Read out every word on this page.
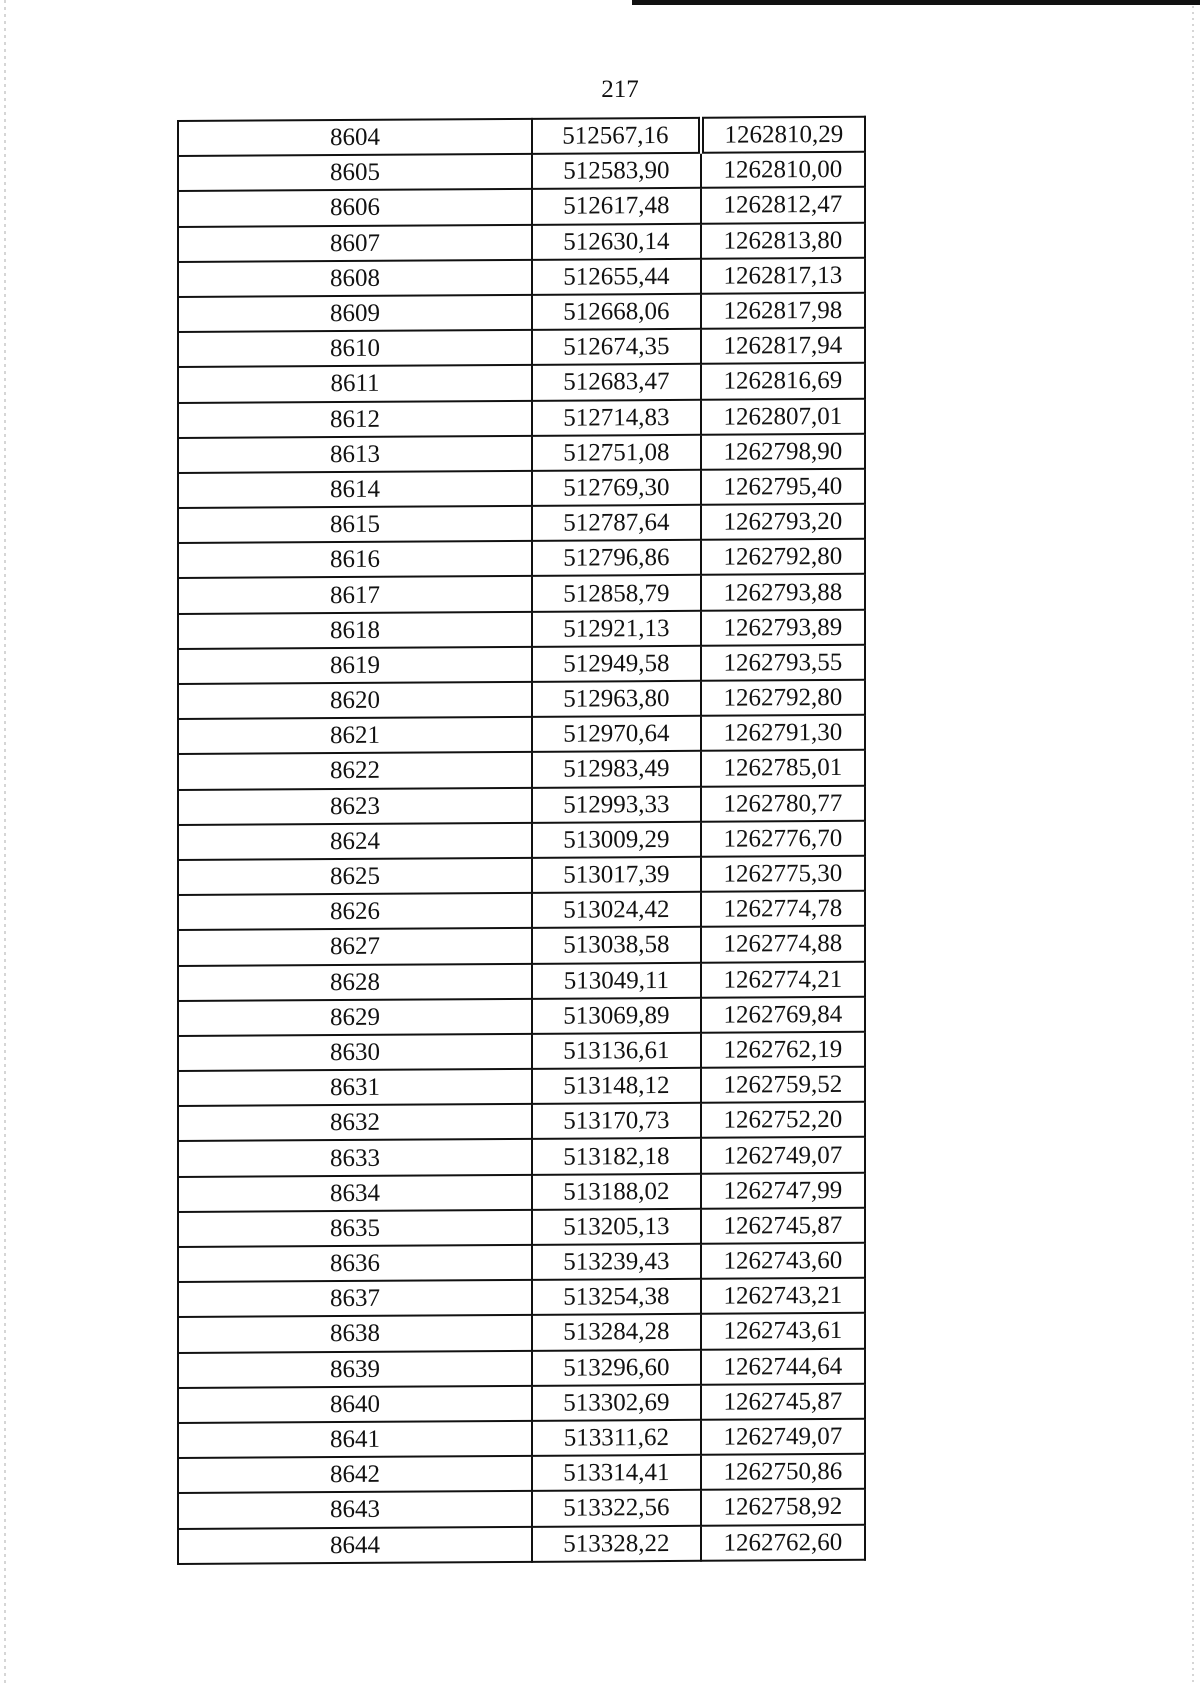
217
8604	512567,16	1262810,29
8605	512583,90	1262810,00
8606	512617,48	1262812,47
8607	512630,14	1262813,80
8608	512655,44	1262817,13
8609	512668,06	1262817,98
8610	512674,35	1262817,94
8611	512683,47	1262816,69
8612	512714,83	1262807,01
8613	512751,08	1262798,90
8614	512769,30	1262795,40
8615	512787,64	1262793,20
8616	512796,86	1262792,80
8617	512858,79	1262793,88
8618	512921,13	1262793,89
8619	512949,58	1262793,55
8620	512963,80	1262792,80
8621	512970,64	1262791,30
8622	512983,49	1262785,01
8623	512993,33	1262780,77
8624	513009,29	1262776,70
8625	513017,39	1262775,30
8626	513024,42	1262774,78
8627	513038,58	1262774,88
8628	513049,11	1262774,21
8629	513069,89	1262769,84
8630	513136,61	1262762,19
8631	513148,12	1262759,52
8632	513170,73	1262752,20
8633	513182,18	1262749,07
8634	513188,02	1262747,99
8635	513205,13	1262745,87
8636	513239,43	1262743,60
8637	513254,38	1262743,21
8638	513284,28	1262743,61
8639	513296,60	1262744,64
8640	513302,69	1262745,87
8641	513311,62	1262749,07
8642	513314,41	1262750,86
8643	513322,56	1262758,92
8644	513328,22	1262762,60
